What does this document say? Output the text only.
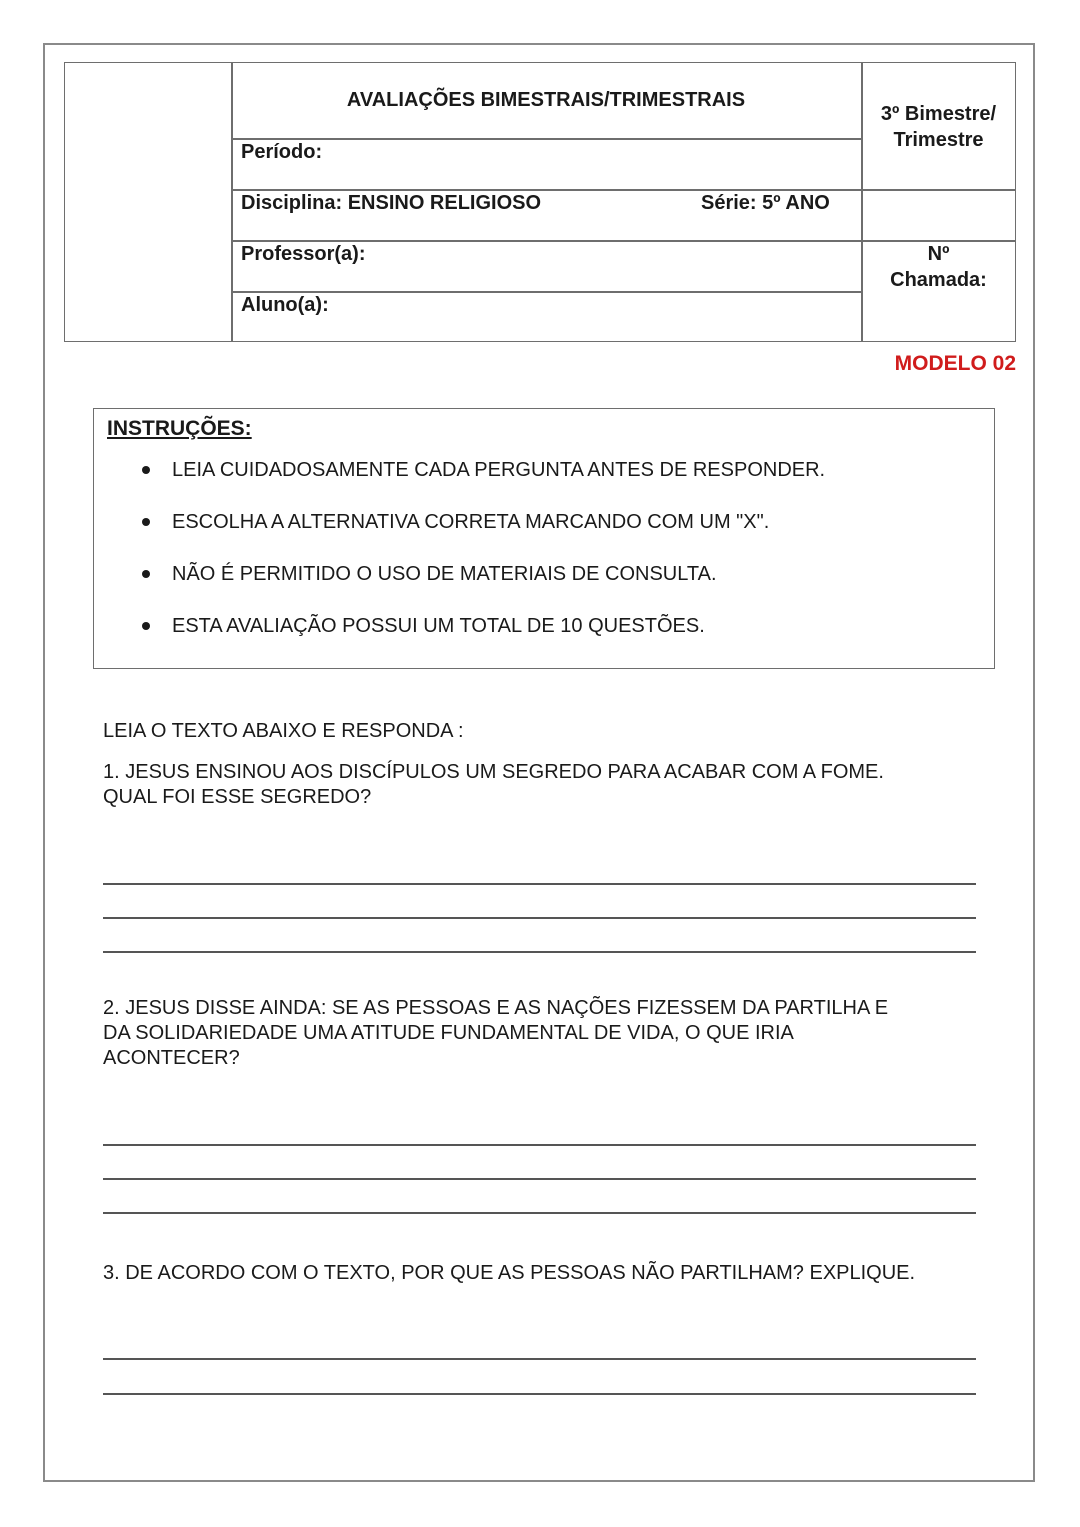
AVALIAÇÕES BIMESTRAIS/TRIMESTRAIS
Período:
Disciplina: ENSINO RELIGIOSO	Série: 5º ANO
Professor(a):
Aluno(a):
3º Bimestre/
Trimestre
Nº
Chamada:
MODELO 02
INSTRUÇÕES:
LEIA CUIDADOSAMENTE CADA PERGUNTA ANTES DE RESPONDER.
ESCOLHA A ALTERNATIVA CORRETA MARCANDO COM UM "X".
NÃO É PERMITIDO O USO DE MATERIAIS DE CONSULTA.
ESTA AVALIAÇÃO POSSUI UM TOTAL DE 10 QUESTÕES.
LEIA O TEXTO ABAIXO E RESPONDA :
1. JESUS ENSINOU AOS DISCÍPULOS UM SEGREDO PARA ACABAR COM A FOME.
QUAL FOI ESSE SEGREDO?
2. JESUS DISSE AINDA: SE AS PESSOAS E AS NAÇÕES FIZESSEM DA PARTILHA E
DA SOLIDARIEDADE UMA ATITUDE FUNDAMENTAL DE VIDA, O QUE IRIA
ACONTECER?
3. DE ACORDO COM O TEXTO, POR QUE AS PESSOAS NÃO PARTILHAM? EXPLIQUE.
